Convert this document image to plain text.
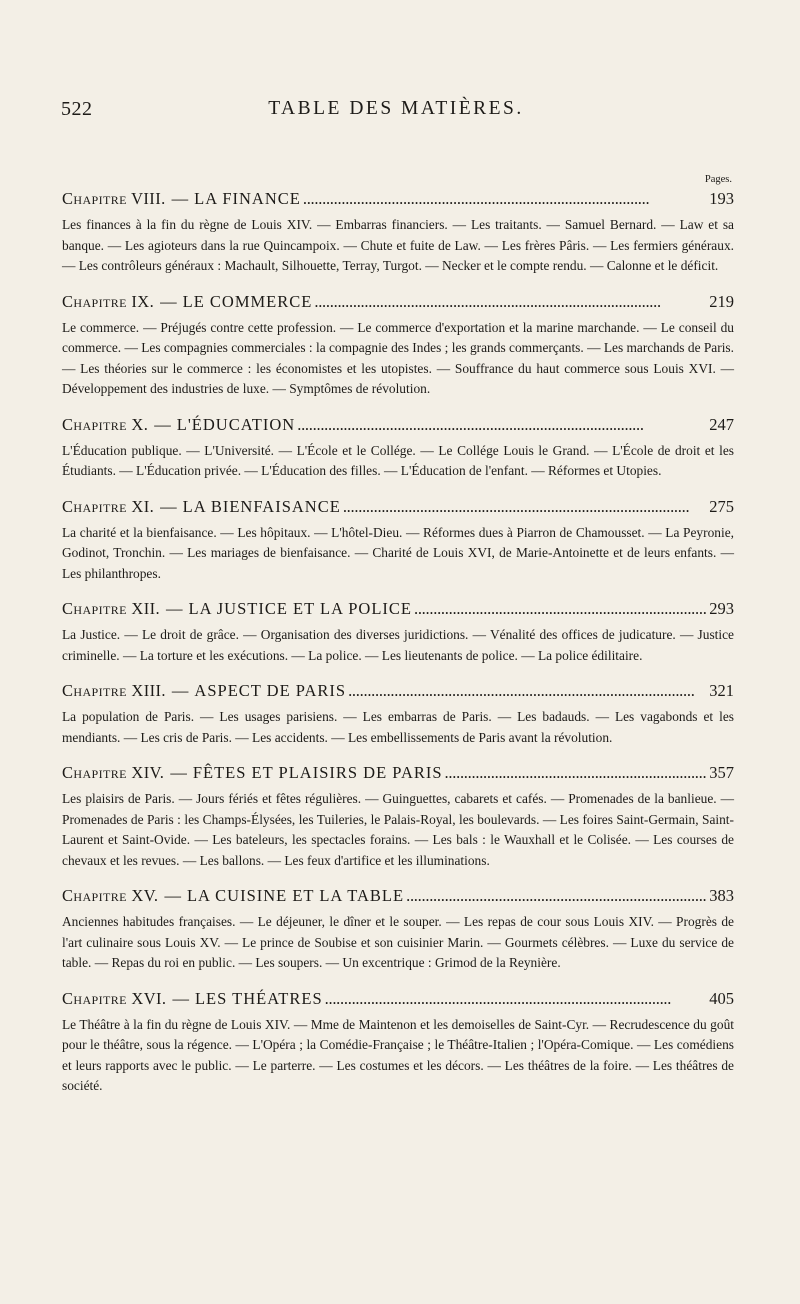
522	TABLE DES MATIÈRES.
Pages.
Chapitre VIII. — LA FINANCE . . .	193

Les finances à la fin du règne de Louis XIV. — Embarras financiers. — Les traitants. — Samuel Bernard. — Law et sa banque. — Les agioteurs dans la rue Quincampoix. — Chute et fuite de Law. — Les frères Pâris. — Les fermiers généraux. — Les contrôleurs généraux : Machault, Silhouette, Terray, Turgot. — Necker et le compte rendu. — Calonne et le déficit.

Chapitre IX. — LE COMMERCE . . .	219

Le commerce. — Préjugés contre cette profession. — Le commerce d'exportation et la marine marchande. — Le conseil du commerce. — Les compagnies commerciales : la compagnie des Indes ; les grands commerçants. — Les marchands de Paris. — Les théories sur le commerce : les économistes et les utopistes. — Souffrance du haut commerce sous Louis XVI. — Développement des industries de luxe. — Symptômes de révolution.

Chapitre X. — L'ÉDUCATION . . .	247

L'Éducation publique. — L'Université. — L'École et le Collége. — Le Collége Louis le Grand. — L'École de droit et les Étudiants. — L'Éducation privée. — L'Éducation des filles. — L'Éducation de l'enfant. — Réformes et Utopies.

Chapitre XI. — LA BIENFAISANCE . . .	275

La charité et la bienfaisance. — Les hôpitaux. — L'hôtel-Dieu. — Réformes dues à Piarron de Chamousset. — La Peyronie, Godinot, Tronchin. — Les mariages de bienfaisance. — Charité de Louis XVI, de Marie-Antoinette et de leurs enfants. — Les philanthropes.

Chapitre XII. — LA JUSTICE ET LA POLICE . . .	293

La Justice. — Le droit de grâce. — Organisation des diverses juridictions. — Vénalité des offices de judicature. — Justice criminelle. — La torture et les exécutions. — La police. — Les lieutenants de police. — La police édilitaire.

Chapitre XIII. — ASPECT DE PARIS . . .	321

La population de Paris. — Les usages parisiens. — Les embarras de Paris. — Les badauds. — Les vagabonds et les mendiants. — Les cris de Paris. — Les accidents. — Les embellissements de Paris avant la révolution.

Chapitre XIV. — FÊTES ET PLAISIRS DE PARIS . . .	357

Les plaisirs de Paris. — Jours fériés et fêtes régulières. — Guinguettes, cabarets et cafés. — Promenades de la banlieue. — Promenades de Paris : les Champs-Élysées, les Tuileries, le Palais-Royal, les boulevards. — Les foires Saint-Germain, Saint-Laurent et Saint-Ovide. — Les bateleurs, les spectacles forains. — Les bals : le Wauxhall et le Colisée. — Les courses de chevaux et les revues. — Les ballons. — Les feux d'artifice et les illuminations.

Chapitre XV. — LA CUISINE ET LA TABLE . . .	383

Anciennes habitudes françaises. — Le déjeuner, le dîner et le souper. — Les repas de cour sous Louis XIV. — Progrès de l'art culinaire sous Louis XV. — Le prince de Soubise et son cuisinier Marin. — Gourmets célèbres. — Luxe du service de table. — Repas du roi en public. — Les soupers. — Un excentrique : Grimod de la Reynière.

Chapitre XVI. — LES THÉATRES . . .	405

Le Théâtre à la fin du règne de Louis XIV. — Mme de Maintenon et les demoiselles de Saint-Cyr. — Recrudescence du goût pour le théâtre, sous la régence. — L'Opéra ; la Comédie-Française ; le Théâtre-Italien ; l'Opéra-Comique. — Les comédiens et leurs rapports avec le public. — Le parterre. — Les costumes et les décors. — Les théâtres de la foire. — Les théâtres de société.
